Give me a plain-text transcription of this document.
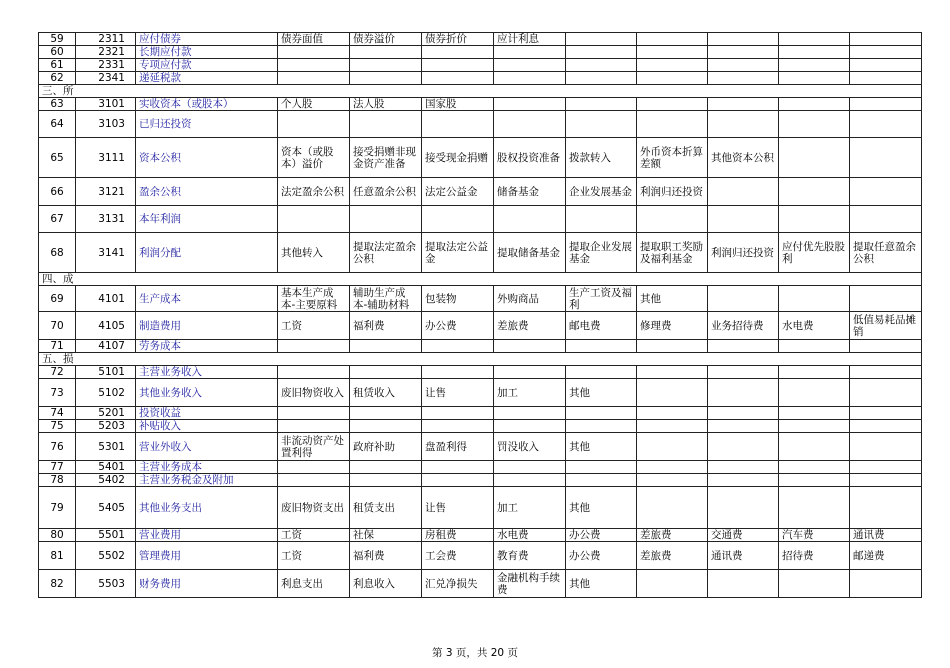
59	2311	应付债券	债券面值	债券溢价	债券折价	应计利息					
60	2321	长期应付款									
61	2331	专项应付款									
62	2341	递延税款									
三、所											
63	3101	实收资本（或股本）	个人股	法人股	国家股						
64	3103	已归还投资									
65	3111	资本公积	资本（或股本）溢价	接受捐赠非现金资产准备	接受现金捐赠	股权投资准备	拨款转入	外币资本折算差额	其他资本公积		
66	3121	盈余公积	法定盈余公积	任意盈余公积	法定公益金	储备基金	企业发展基金	利润归还投资			
67	3131	本年利润									
68	3141	利润分配	其他转入	提取法定盈余公积	提取法定公益金	提取储备基金	提取企业发展基金	提取职工奖励及福利基金	利润归还投资	应付优先股股利	提取任意盈余公积
四、成											
69	4101	生产成本	基本生产成本-主要原料	辅助生产成本-辅助材料	包装物	外购商品	生产工资及福利	其他			
70	4105	制造费用	工资	福利费	办公费	差旅费	邮电费	修理费	业务招待费	水电费	低值易耗品摊销
71	4107	劳务成本									
五、损											
72	5101	主营业务收入									
73	5102	其他业务收入	废旧物资收入	租赁收入	让售	加工	其他				
74	5201	投资收益									
75	5203	补贴收入									
76	5301	营业外收入	非流动资产处置利得	政府补助	盘盈利得	罚没收入	其他				
77	5401	主营业务成本									
78	5402	主营业务税金及附加									
79	5405	其他业务支出	废旧物资支出	租赁支出	让售	加工	其他				
80	5501	营业费用	工资	社保	房租费	水电费	办公费	差旅费	交通费	汽车费	通讯费
81	5502	管理费用	工资	福利费	工会费	教育费	办公费	差旅费	通讯费	招待费	邮递费
82	5503	财务费用	利息支出	利息收入	汇兑净损失	金融机构手续费	其他				
第 3 页，共 20 页
